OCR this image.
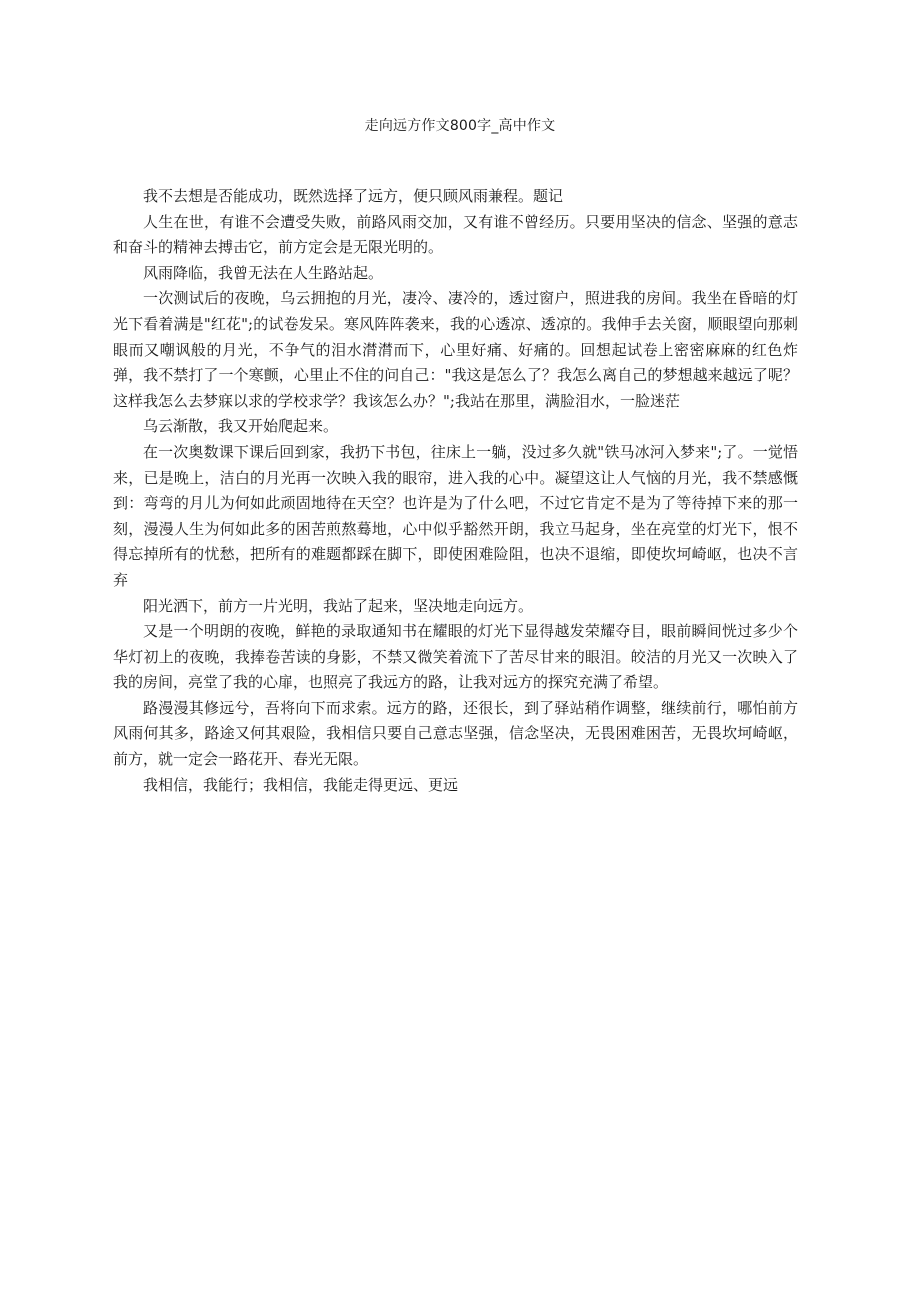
走向远方作文800字_高中作文

我不去想是否能成功，既然选择了远方，便只顾风雨兼程。题记

人生在世，有谁不会遭受失败，前路风雨交加，又有谁不曾经历。只要用坚决的信念、坚强的意志和奋斗的精神去搏击它，前方定会是无限光明的。

风雨降临，我曾无法在人生路站起。

一次测试后的夜晚，乌云拥抱的月光，凄冷、凄冷的，透过窗户，照进我的房间。我坐在昏暗的灯光下看着满是"红花";的试卷发呆。寒风阵阵袭来，我的心透凉、透凉的。我伸手去关窗，顺眼望向那刺眼而又嘲讽般的月光，不争气的泪水潸潸而下，心里好痛、好痛的。回想起试卷上密密麻麻的红色炸弹，我不禁打了一个寒颤，心里止不住的问自己："我这是怎么了？我怎么离自己的梦想越来越远了呢？这样我怎么去梦寐以求的学校求学？我该怎么办？";我站在那里，满脸泪水，一脸迷茫

乌云渐散，我又开始爬起来。

在一次奥数课下课后回到家，我扔下书包，往床上一躺，没过多久就"铁马冰河入梦来";了。一觉悟来，已是晚上，洁白的月光再一次映入我的眼帘，进入我的心中。凝望这让人气恼的月光，我不禁感慨到：弯弯的月儿为何如此顽固地待在天空？也许是为了什么吧，不过它肯定不是为了等待掉下来的那一刻，漫漫人生为何如此多的困苦煎熬蓦地，心中似乎豁然开朗，我立马起身，坐在亮堂的灯光下，恨不得忘掉所有的忧愁，把所有的难题都踩在脚下，即使困难险阻，也决不退缩，即使坎坷崎岖，也决不言弃

阳光洒下，前方一片光明，我站了起来，坚决地走向远方。

又是一个明朗的夜晚，鲜艳的录取通知书在耀眼的灯光下显得越发荣耀夺目，眼前瞬间恍过多少个华灯初上的夜晚，我捧卷苦读的身影，不禁又微笑着流下了苦尽甘来的眼泪。皎洁的月光又一次映入了我的房间，亮堂了我的心扉，也照亮了我远方的路，让我对远方的探究充满了希望。

路漫漫其修远兮，吾将向下而求索。远方的路，还很长，到了驿站稍作调整，继续前行，哪怕前方风雨何其多，路途又何其艰险，我相信只要自己意志坚强，信念坚决，无畏困难困苦，无畏坎坷崎岖，前方，就一定会一路花开、春光无限。

我相信，我能行；我相信，我能走得更远、更远
